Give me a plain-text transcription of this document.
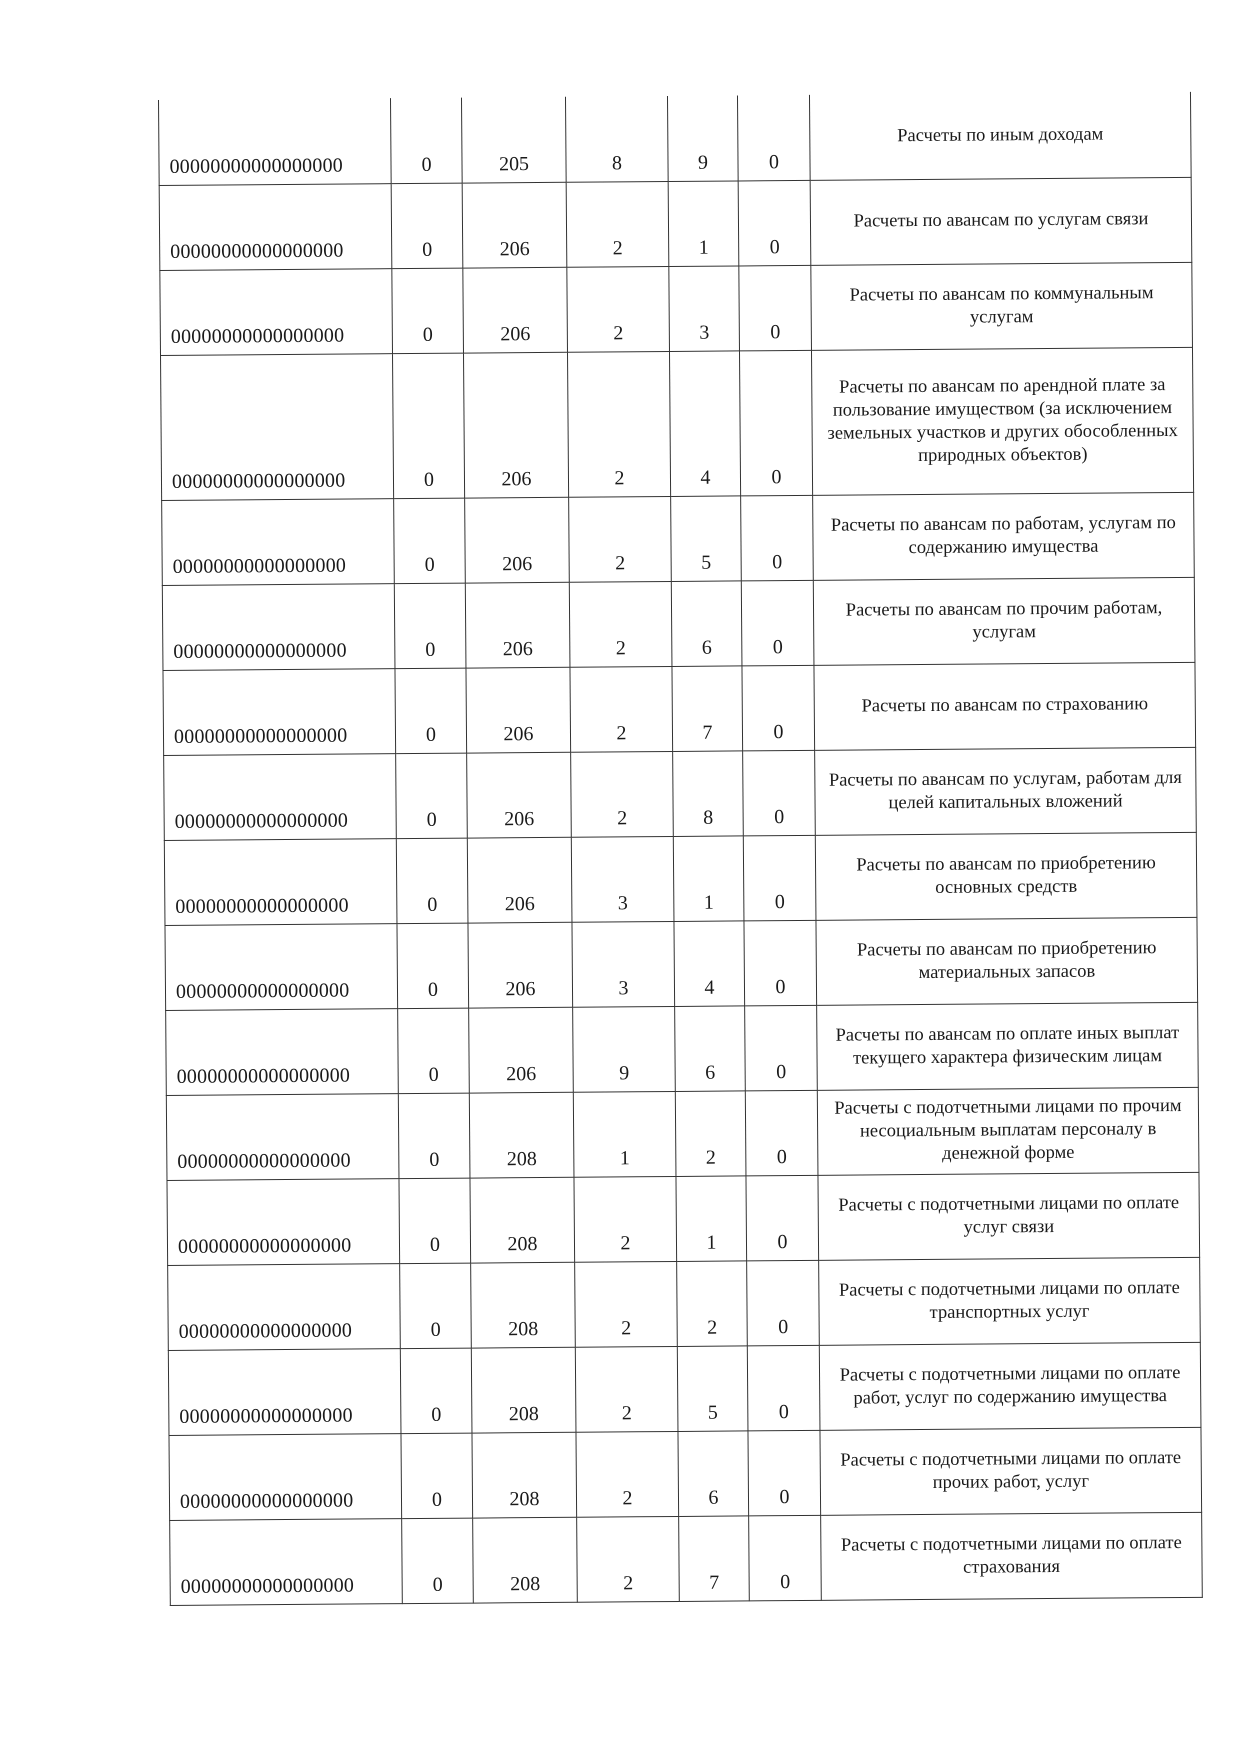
00000000000000000	0	205	8	9	0	Расчеты по иным доходам
00000000000000000	0	206	2	1	0	Расчеты по авансам по услугам связи
00000000000000000	0	206	2	3	0	Расчеты по авансам по коммунальным услугам
00000000000000000	0	206	2	4	0	Расчеты по авансам по арендной плате за пользование имуществом (за исключением земельных участков и других обособленных природных объектов)
00000000000000000	0	206	2	5	0	Расчеты по авансам по работам, услугам по содержанию имущества
00000000000000000	0	206	2	6	0	Расчеты по авансам по прочим работам, услугам
00000000000000000	0	206	2	7	0	Расчеты по авансам по страхованию
00000000000000000	0	206	2	8	0	Расчеты по авансам по услугам, работам для целей капитальных вложений
00000000000000000	0	206	3	1	0	Расчеты по авансам по приобретению основных средств
00000000000000000	0	206	3	4	0	Расчеты по авансам по приобретению материальных запасов
00000000000000000	0	206	9	6	0	Расчеты по авансам по оплате иных выплат текущего характера физическим лицам
00000000000000000	0	208	1	2	0	Расчеты с подотчетными лицами по прочим несоциальным выплатам персоналу в денежной форме
00000000000000000	0	208	2	1	0	Расчеты с подотчетными лицами по оплате услуг связи
00000000000000000	0	208	2	2	0	Расчеты с подотчетными лицами по оплате транспортных услуг
00000000000000000	0	208	2	5	0	Расчеты с подотчетными лицами по оплате работ, услуг по содержанию имущества
00000000000000000	0	208	2	6	0	Расчеты с подотчетными лицами по оплате прочих работ, услуг
00000000000000000	0	208	2	7	0	Расчеты с подотчетными лицами по оплате страхования
